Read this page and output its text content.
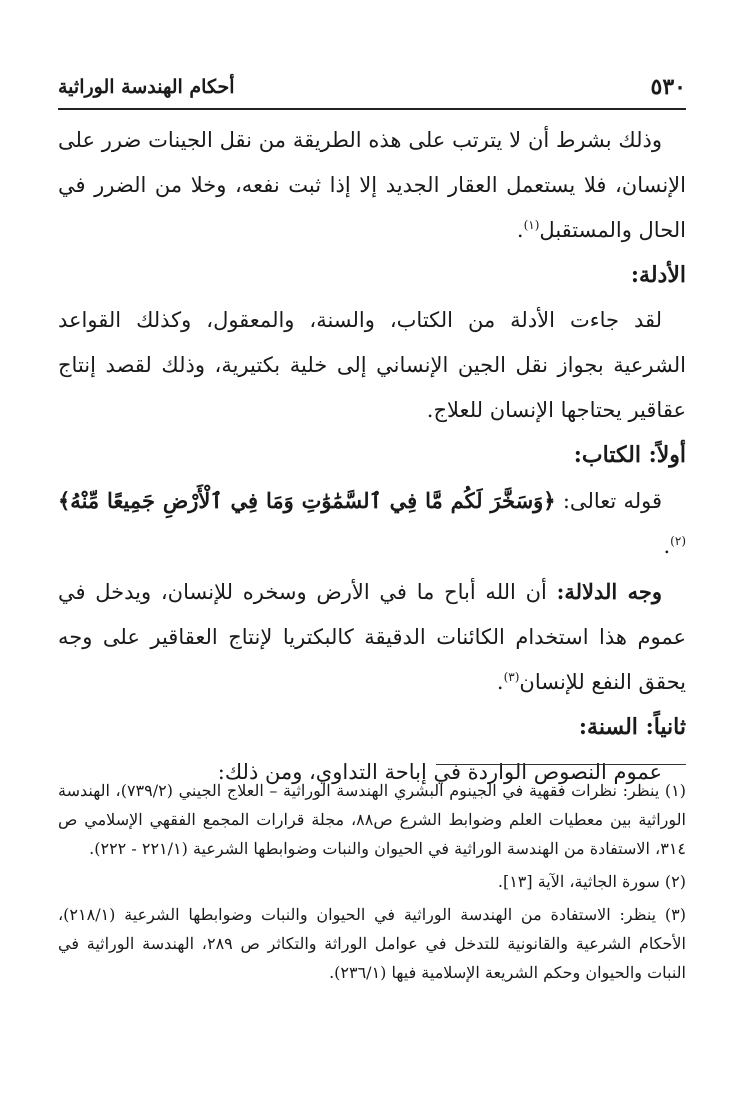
أحكام الهندسة الوراثية	٥٣٠

وذلك بشرط أن لا يترتب على هذه الطريقة من نقل الجينات ضرر على الإنسان، فلا يستعمل العقار الجديد إلا إذا ثبت نفعه، وخلا من الضرر في الحال والمستقبل$^{(١)}$.

الأدلة:

لقد جاءت الأدلة من الكتاب، والسنة، والمعقول، وكذلك القواعد الشرعية بجواز نقل الجين الإنساني إلى خلية بكتيرية، وذلك لقصد إنتاج عقاقير يحتاجها الإنسان للعلاج.

أولاً: الكتاب:

قوله تعالى: ﴿وَسَخَّرَ لَكُم مَّا فِي ٱلسَّمَٰوَٰتِ وَمَا فِي ٱلْأَرْضِ جَمِيعًا مِّنْهُ﴾$^{(٢)}$.

وجه الدلالة: أن الله أباح ما في الأرض وسخره للإنسان، ويدخل في عموم هذا استخدام الكائنات الدقيقة كالبكتريا لإنتاج العقاقير على وجه يحقق النفع للإنسان$^{(٣)}$.

ثانياً: السنة:

عموم النصوص الواردة في إباحة التداوي، ومن ذلك:

(١) ينظر: نظرات فقهية في الجينوم البشري الهندسة الوراثية – العلاج الجيني (٧٣٩/٢)، الهندسة الوراثية بين معطيات العلم وضوابط الشرع ص٨٨، مجلة قرارات المجمع الفقهي الإسلامي ص ٣١٤، الاستفادة من الهندسة الوراثية في الحيوان والنبات وضوابطها الشرعية (٢٢١/١ - ٢٢٢).

(٢) سورة الجاثية، الآية [١٣].

(٣) ينظر: الاستفادة من الهندسة الوراثية في الحيوان والنبات وضوابطها الشرعية (٢١٨/١)، الأحكام الشرعية والقانونية للتدخل في عوامل الوراثة والتكاثر ص ٢٨٩، الهندسة الوراثية في النبات والحيوان وحكم الشريعة الإسلامية فيها (٢٣٦/١).
